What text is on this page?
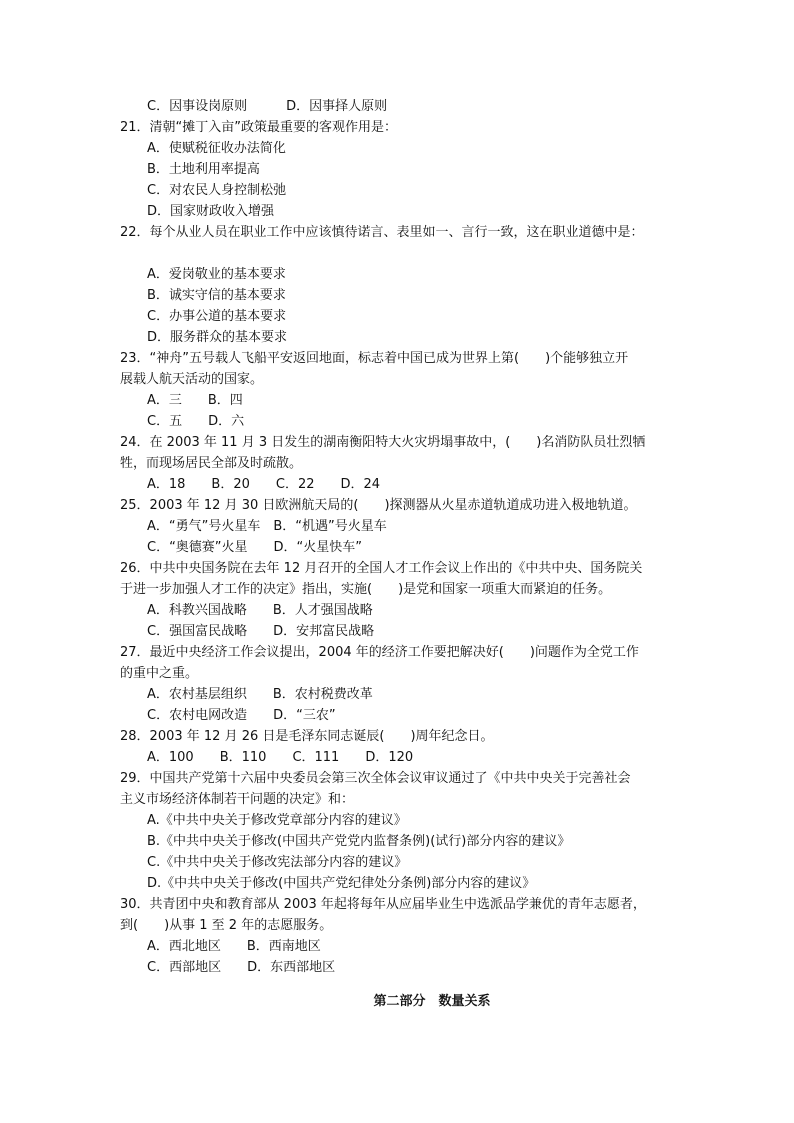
C．因事设岗原则　　　D．因事择人原则
21．清朝“摊丁入亩”政策最重要的客观作用是：
A．使赋税征收办法简化
B．土地利用率提高
C．对农民人身控制松弛
D．国家财政收入增强
22．每个从业人员在职业工作中应该慎待诺言、表里如一、言行一致，这在职业道德中是：
A．爱岗敬业的基本要求
B．诚实守信的基本要求
C．办事公道的基本要求
D．服务群众的基本要求
23．“神舟”五号载人飞船平安返回地面，标志着中国已成为世界上第(　　)个能够独立开
展载人航天活动的国家。
A．三　　B．四
C．五　　D．六
24．在 2003 年 11 月 3 日发生的湖南衡阳特大火灾坍塌事故中，(　　)名消防队员壮烈牺
牲，而现场居民全部及时疏散。
A．18　　B．20　　C．22　　D．24
25．2003 年 12 月 30 日欧洲航天局的(　　)探测器从火星赤道轨道成功进入极地轨道。
A．“勇气”号火星车　B．“机遇”号火星车
C．“奥德赛”火星　　D．“火星快车”
26．中共中央国务院在去年 12 月召开的全国人才工作会议上作出的《中共中央、国务院关
于进一步加强人才工作的决定》指出，实施(　　)是党和国家一项重大而紧迫的任务。
A．科教兴国战略　　B．人才强国战略
C．强国富民战略　　D．安邦富民战略
27．最近中央经济工作会议提出，2004 年的经济工作要把解决好(　　)问题作为全党工作
的重中之重。
A．农村基层组织　　B．农村税费改革
C．农村电网改造　　D．“三农”
28．2003 年 12 月 26 日是毛泽东同志诞辰(　　)周年纪念日。
A．100　　B．110　　C．111　　D．120
29．中国共产党第十六届中央委员会第三次全体会议审议通过了《中共中央关于完善社会
主义市场经济体制若干问题的决定》和：
A.《中共中央关于修改党章部分内容的建议》
B.《中共中央关于修改(中国共产党党内监督条例)(试行)部分内容的建议》
C.《中共中央关于修改宪法部分内容的建议》
D.《中共中央关于修改(中国共产党纪律处分条例)部分内容的建议》
30．共青团中央和教育部从 2003 年起将每年从应届毕业生中选派品学兼优的青年志愿者，
到(　　)从事 1 至 2 年的志愿服务。
A．西北地区　　B．西南地区
C．西部地区　　D．东西部地区
第二部分　数量关系
